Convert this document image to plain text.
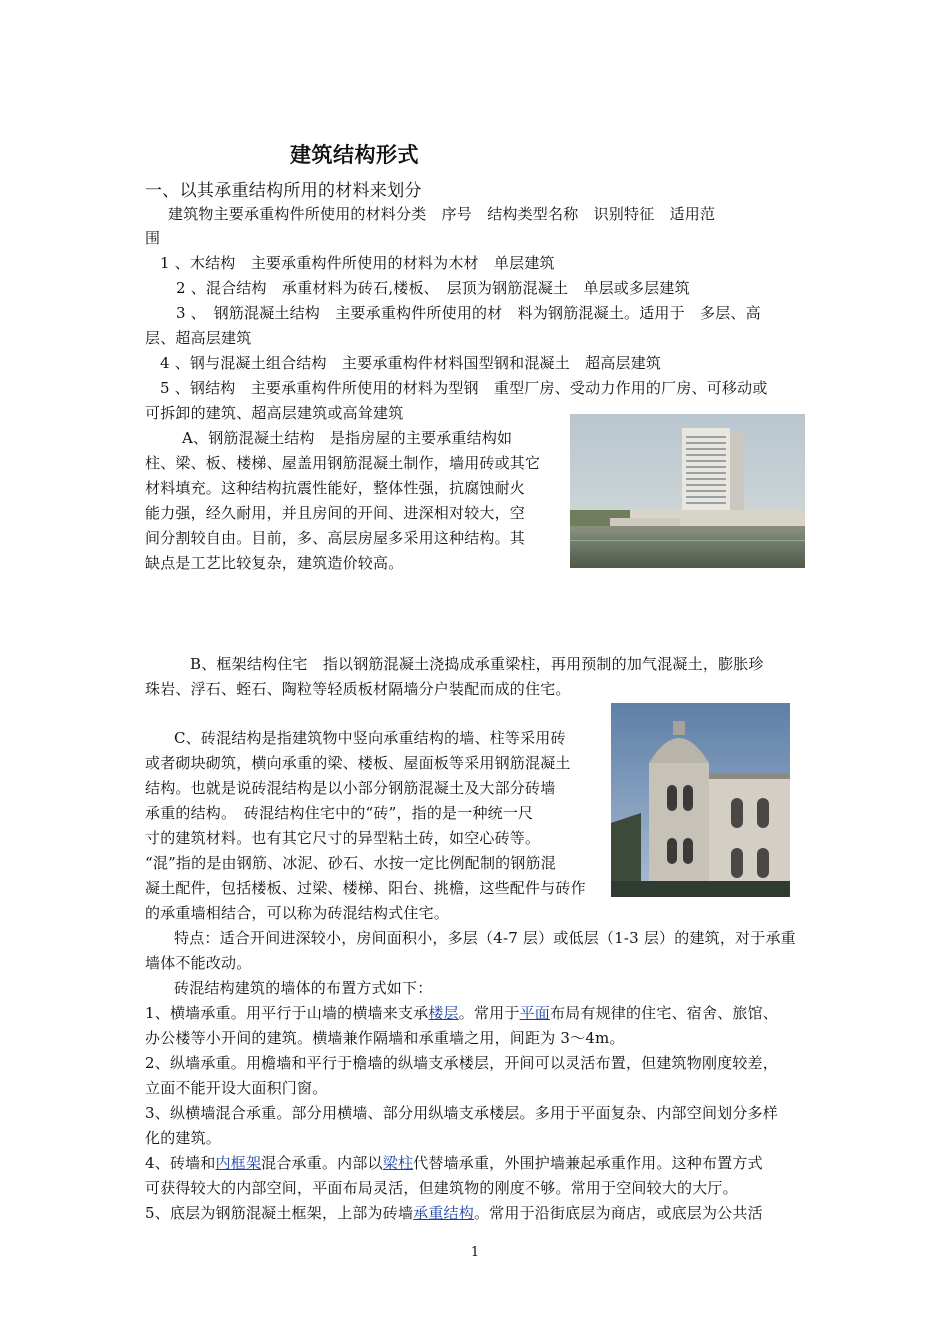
建筑结构形式
一、以其承重结构所用的材料来划分
建筑物主要承重构件所使用的材料分类　序号　结构类型名称　识别特征　适用范
围
1 、木结构　主要承重构件所使用的材料为木材　单层建筑
2 、混合结构　承重材料为砖石,楼板、　层顶为钢筋混凝土　单层或多层建筑
3 、　钢筋混凝土结构　主要承重构件所使用的材　料为钢筋混凝土。适用于　多层、高
层、超高层建筑
4 、钢与混凝土组合结构　主要承重构件材料国型钢和混凝土　超高层建筑
5 、钢结构　主要承重构件所使用的材料为型钢　重型厂房、受动力作用的厂房、可移动或
可拆卸的建筑、超高层建筑或高耸建筑
A、钢筋混凝土结构　是指房屋的主要承重结构如
柱、梁、板、楼梯、屋盖用钢筋混凝土制作，墙用砖或其它
材料填充。这种结构抗震性能好，整体性强，抗腐蚀耐火
能力强，经久耐用，并且房间的开间、进深相对较大，空
间分割较自由。目前，多、高层房屋多采用这种结构。其
缺点是工艺比较复杂，建筑造价较高。
B、框架结构住宅　指以钢筋混凝土浇捣成承重梁柱，再用预制的加气混凝土，膨胀珍
珠岩、浮石、蛭石、陶粒等轻质板材隔墙分户装配而成的住宅。
C、砖混结构是指建筑物中竖向承重结构的墙、柱等采用砖
或者砌块砌筑，横向承重的梁、楼板、屋面板等采用钢筋混凝土
结构。也就是说砖混结构是以小部分钢筋混凝土及大部分砖墙
承重的结构。　砖混结构住宅中的“砖”，指的是一种统一尺
寸的建筑材料。也有其它尺寸的异型粘土砖，如空心砖等。
“混”指的是由钢筋、冰泥、砂石、水按一定比例配制的钢筋混
凝土配件，包括楼板、过梁、楼梯、阳台、挑檐，这些配件与砖作
的承重墙相结合，可以称为砖混结构式住宅。
特点：适合开间进深较小，房间面积小，多层（4-7 层）或低层（1-3 层）的建筑，对于承重
墙体不能改动。
砖混结构建筑的墙体的布置方式如下：
1、横墙承重。用平行于山墙的横墙来支承楼层。常用于平面布局有规律的住宅、宿舍、旅馆、
办公楼等小开间的建筑。横墙兼作隔墙和承重墙之用，间距为 3～4m。
2、纵墙承重。用檐墙和平行于檐墙的纵墙支承楼层，开间可以灵活布置，但建筑物刚度较差，
立面不能开设大面积门窗。
3、纵横墙混合承重。部分用横墙、部分用纵墙支承楼层。多用于平面复杂、内部空间划分多样
化的建筑。
4、砖墙和内框架混合承重。内部以梁柱代替墙承重，外围护墙兼起承重作用。这种布置方式
可获得较大的内部空间，平面布局灵活，但建筑物的刚度不够。常用于空间较大的大厅。
5、底层为钢筋混凝土框架，上部为砖墙承重结构。常用于沿街底层为商店，或底层为公共活
1
